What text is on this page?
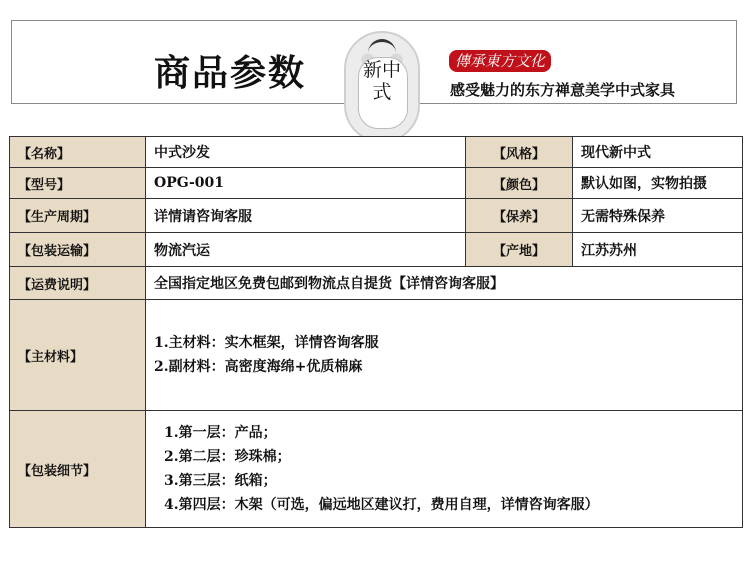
商品参数	新中式
傳承東方文化
感受魅力的东方禅意美学中式家具
【名称】	中式沙发	【风格】	现代新中式
【型号】	OPG-001	【颜色】	默认如图，实物拍摄
【生产周期】	详情请咨询客服	【保养】	无需特殊保养
【包装运输】	物流汽运	【产地】	江苏苏州
【运费说明】	全国指定地区免费包邮到物流点自提货【详情咨询客服】		
【主材料】	1.主材料：实木框架，详情咨询客服
2.副材料：高密度海绵+优质棉麻		

【包装细节】	1.第一层：产品；
2.第二层：珍珠棉；
3.第三层：纸箱；
4.第四层：木架（可选，偏远地区建议打，费用自理，详情咨询客服）		
